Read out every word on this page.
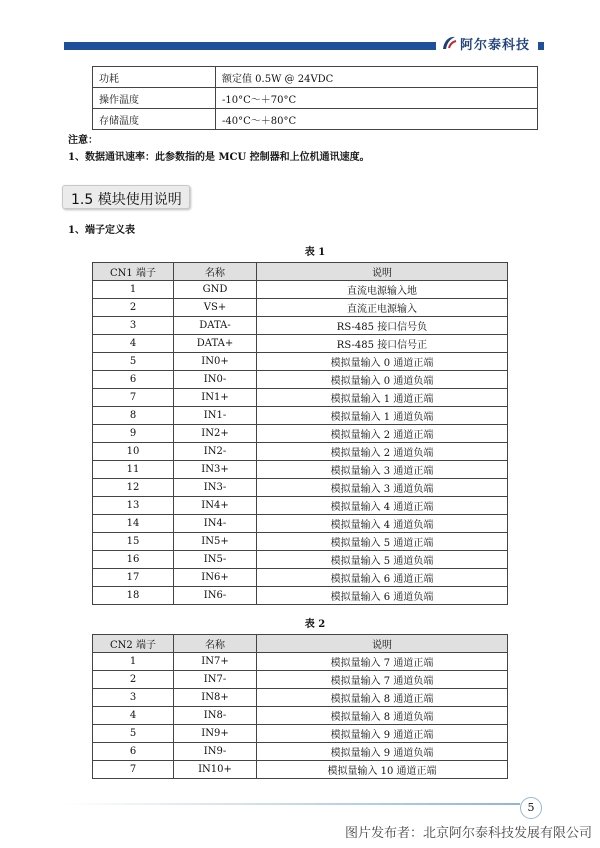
阿尔泰科技
功耗	额定值 0.5W @ 24VDC
操作温度	-10°C～＋70°C
存储温度	-40°C～＋80°C
注意：
1、数据通讯速率：此参数指的是 MCU 控制器和上位机通讯速度。
1.5 模块使用说明
1、端子定义表
表 1
CN1 端子	名称	说明
1	GND	直流电源输入地
2	VS+	直流正电源输入
3	DATA-	RS-485 接口信号负
4	DATA+	RS-485 接口信号正
5	IN0+	模拟量输入 0 通道正端
6	IN0-	模拟量输入 0 通道负端
7	IN1+	模拟量输入 1 通道正端
8	IN1-	模拟量输入 1 通道负端
9	IN2+	模拟量输入 2 通道正端
10	IN2-	模拟量输入 2 通道负端
11	IN3+	模拟量输入 3 通道正端
12	IN3-	模拟量输入 3 通道负端
13	IN4+	模拟量输入 4 通道正端
14	IN4-	模拟量输入 4 通道负端
15	IN5+	模拟量输入 5 通道正端
16	IN5-	模拟量输入 5 通道负端
17	IN6+	模拟量输入 6 通道正端
18	IN6-	模拟量输入 6 通道负端
表 2
CN2 端子	名称	说明
1	IN7+	模拟量输入 7 通道正端
2	IN7-	模拟量输入 7 通道负端
3	IN8+	模拟量输入 8 通道正端
4	IN8-	模拟量输入 8 通道负端
5	IN9+	模拟量输入 9 通道正端
6	IN9-	模拟量输入 9 通道负端
7	IN10+	模拟量输入 10 通道正端
5
图片发布者：北京阿尔泰科技发展有限公司
